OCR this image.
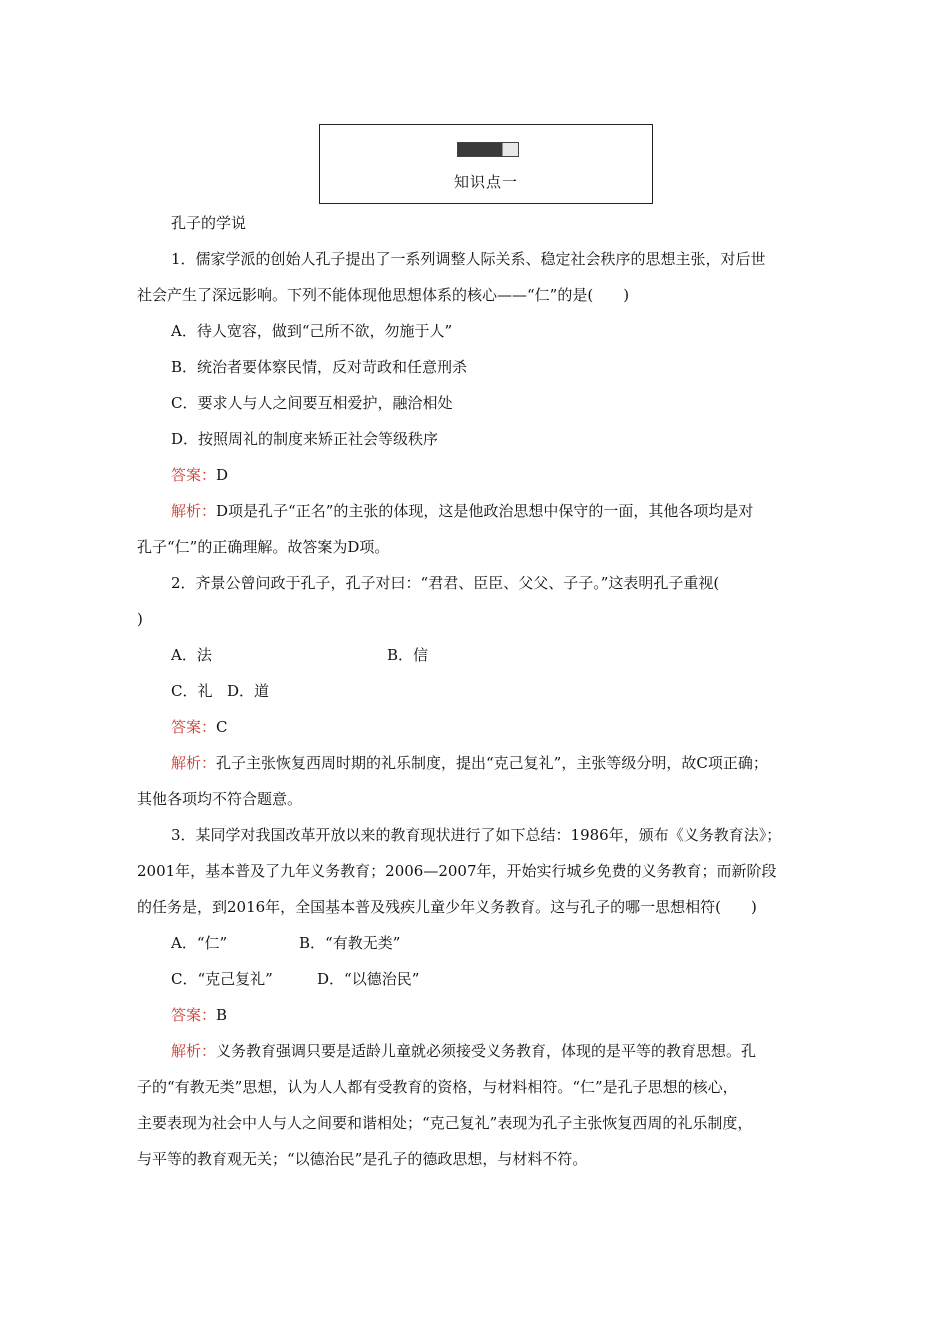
知识点一
孔子的学说
1．儒家学派的创始人孔子提出了一系列调整人际关系、稳定社会秩序的思想主张，对后世
社会产生了深远影响。下列不能体现他思想体系的核心——“仁”的是(　　)
A．待人宽容，做到“己所不欲，勿施于人”
B．统治者要体察民情，反对苛政和任意刑杀
C．要求人与人之间要互相爱护，融洽相处
D．按照周礼的制度来矫正社会等级秩序
答案：D
解析：D项是孔子“正名”的主张的体现，这是他政治思想中保守的一面，其他各项均是对
孔子“仁”的正确理解。故答案为D项。
2．齐景公曾问政于孔子，孔子对曰：“君君、臣臣、父父、子子。”这表明孔子重视(
)
A．法	B．信
C．礼 D．道
答案：C
解析：孔子主张恢复西周时期的礼乐制度，提出“克己复礼”，主张等级分明，故C项正确；
其他各项均不符合题意。
3．某同学对我国改革开放以来的教育现状进行了如下总结：1986年，颁布《义务教育法》；
2001年，基本普及了九年义务教育；2006—2007年，开始实行城乡免费的义务教育；而新阶段
的任务是，到2016年，全国基本普及残疾儿童少年义务教育。这与孔子的哪一思想相符(　　)
A．“仁”	B．“有教无类”
C．“克己复礼”	D．“以德治民”
答案：B
解析：义务教育强调只要是适龄儿童就必须接受义务教育，体现的是平等的教育思想。孔
子的“有教无类”思想，认为人人都有受教育的资格，与材料相符。“仁”是孔子思想的核心，
主要表现为社会中人与人之间要和谐相处；“克己复礼”表现为孔子主张恢复西周的礼乐制度，
与平等的教育观无关；“以德治民”是孔子的德政思想，与材料不符。
